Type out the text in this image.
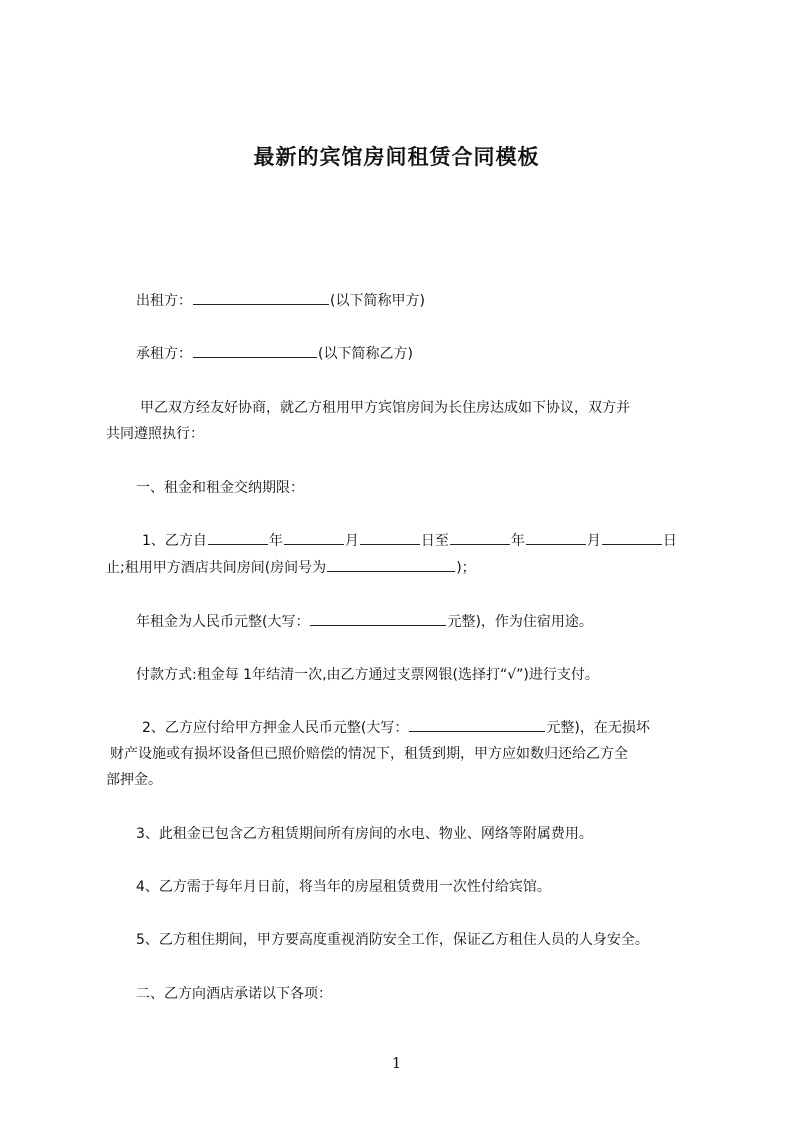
最新的宾馆房间租赁合同模板
出租方：	(以下简称甲方)
承租方：	(以下简称乙方)
甲乙双方经友好协商，就乙方租用甲方宾馆房间为长住房达成如下协议，双方并
共同遵照执行：
一、租金和租金交纳期限：
1、乙方自	年	月	日至	年	月	日
止;租用甲方酒店共间房间(房间号为	)；
年租金为人民币元整(大写：	元整)，作为住宿用途。
付款方式:租金每 1年结清一次,由乙方通过支票网银(选择打“√”)进行支付。
2、乙方应付给甲方押金人民币元整(大写：	元整)，在无损坏
财产设施或有损坏设备但已照价赔偿的情况下，租赁到期，甲方应如数归还给乙方全
部押金。
3、此租金已包含乙方租赁期间所有房间的水电、物业、网络等附属费用。
4、乙方需于每年月日前，将当年的房屋租赁费用一次性付给宾馆。
5、乙方租住期间，甲方要高度重视消防安全工作，保证乙方租住人员的人身安全。
二、乙方向酒店承诺以下各项：
1
